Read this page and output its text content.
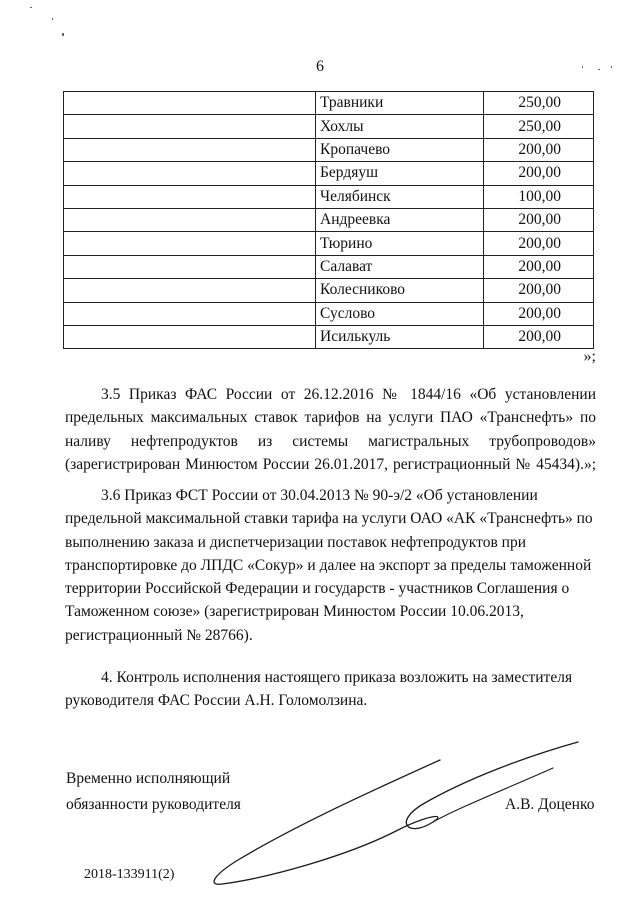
6
	Травники	250,00
	Хохлы	250,00
	Кропачево	200,00
	Бердяуш	200,00
	Челябинск	100,00
	Андреевка	200,00
	Тюрино	200,00
	Салават	200,00
	Колесниково	200,00
	Суслово	200,00
	Исилькуль	200,00
»;

3.5 Приказ ФАС России от 26.12.2016 № 1844/16 «Об установлении
предельных максимальных ставок тарифов на услуги ПАО «Транснефть» по
наливу нефтепродуктов из системы магистральных трубопроводов»
(зарегистрирован Минюстом России 26.01.2017, регистрационный № 45434).»;

3.6 Приказ ФСТ России от 30.04.2013 № 90-э/2 «Об установлении
предельной максимальной ставки тарифа на услуги ОАО «АК «Транснефть» по
выполнению заказа и диспетчеризации поставок нефтепродуктов при
транспортировке до ЛПДС «Сокур» и далее на экспорт за пределы таможенной
территории Российской Федерации и государств - участников Соглашения о
Таможенном союзе» (зарегистрирован Минюстом России 10.06.2013,
регистрационный № 28766).

4. Контроль исполнения настоящего приказа возложить на заместителя
руководителя ФАС России А.Н. Голомолзина.

Временно исполняющий
обязанности руководителя	А.В. Доценко
2018-133911(2)
